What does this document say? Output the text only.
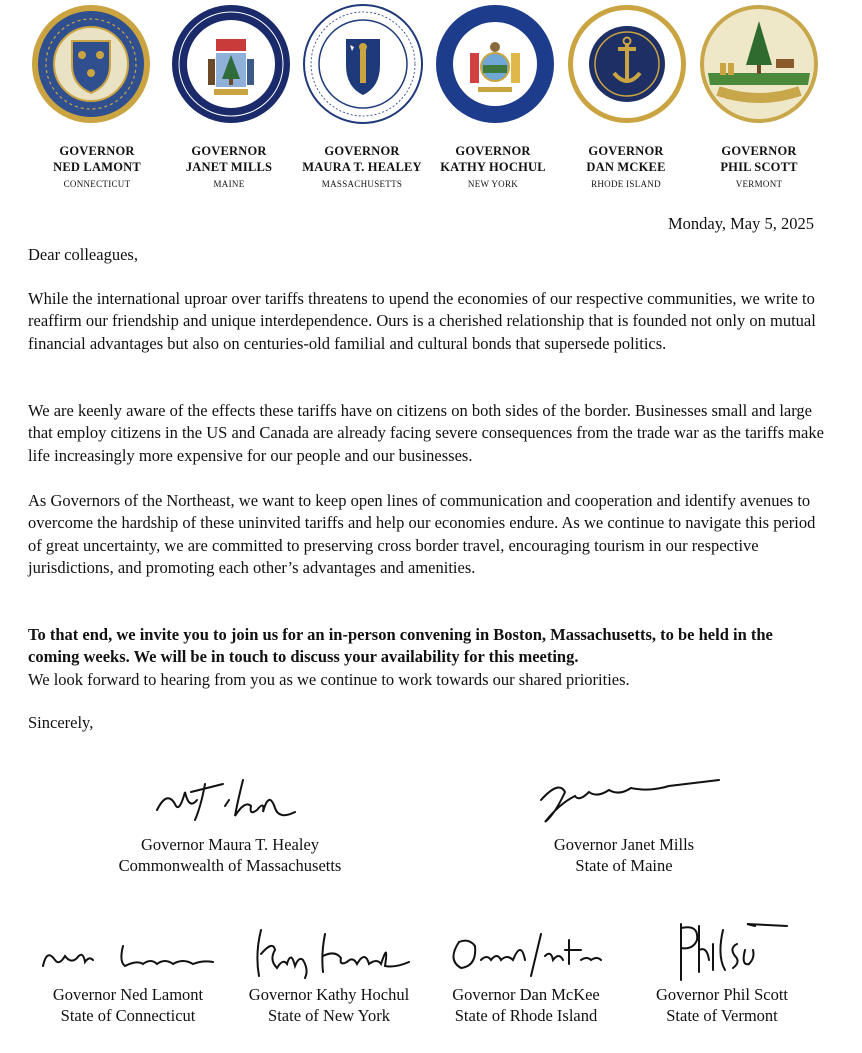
GOVERNOR
NED LAMONT
CONNECTICUT
GOVERNOR
JANET MILLS
MAINE
GOVERNOR
MAURA T. HEALEY
MASSACHUSETTS
GOVERNOR
KATHY HOCHUL
NEW YORK
GOVERNOR
DAN MCKEE
RHODE ISLAND
GOVERNOR
PHIL SCOTT
VERMONT
Monday, May 5, 2025

Dear colleagues,

While the international uproar over tariffs threatens to upend the economies of our respective communities, we write to reaffirm our friendship and unique interdependence. Ours is a cherished relationship that is founded not only on mutual financial advantages but also on centuries-old familial and cultural bonds that supersede politics.

We are keenly aware of the effects these tariffs have on citizens on both sides of the border. Businesses small and large that employ citizens in the US and Canada are already facing severe consequences from the trade war as the tariffs make life increasingly more expensive for our people and our businesses.

As Governors of the Northeast, we want to keep open lines of communication and cooperation and identify avenues to overcome the hardship of these uninvited tariffs and help our economies endure. As we continue to navigate this period of great uncertainty, we are committed to preserving cross border travel, encouraging tourism in our respective jurisdictions, and promoting each other’s advantages and amenities.

To that end, we invite you to join us for an in-person convening in Boston, Massachusetts, to be held in the coming weeks. We will be in touch to discuss your availability for this meeting.

We look forward to hearing from you as we continue to work towards our shared priorities.

Sincerely,

Governor Maura T. Healey
Commonwealth of Massachusetts
Governor Janet Mills
State of Maine
Governor Ned Lamont
State of Connecticut
Governor Kathy Hochul
State of New York
Governor Dan McKee
State of Rhode Island
Governor Phil Scott
State of Vermont
